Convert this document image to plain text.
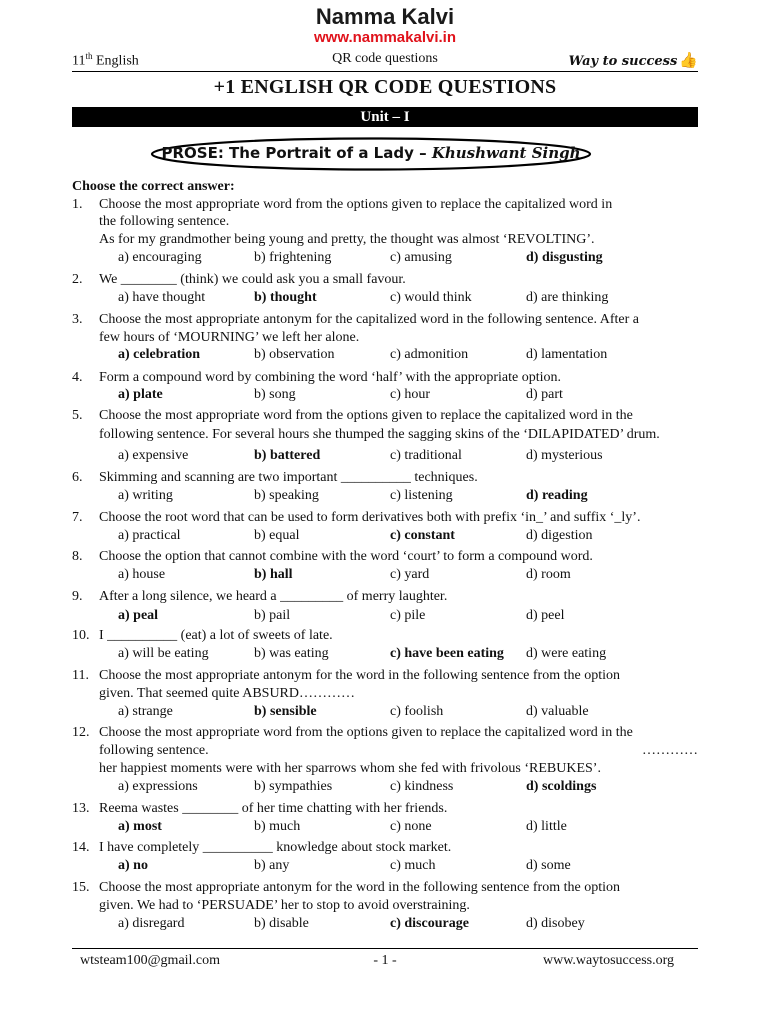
Namma Kalvi
www.nammakalvi.in
11th English	QR code questions	Way to success 👍
+1 ENGLISH QR CODE QUESTIONS
Unit – I
PROSE: The Portrait of a Lady – Khushwant Singh
Choose the correct answer:
1. Choose the most appropriate word from the options given to replace the capitalized word in
the following sentence.
As for my grandmother being young and pretty, the thought was almost ‘REVOLTING’.
a) encouraging	b) frightening	c) amusing	d) disgusting
2. We ________ (think) we could ask you a small favour.
a) have thought	b) thought	c) would think	d) are thinking
3. Choose the most appropriate antonym for the capitalized word in the following sentence. After a
few hours of ‘MOURNING’ we left her alone.
a) celebration	b) observation	c) admonition	d) lamentation
4. Form a compound word by combining the word ‘half’ with the appropriate option.
a) plate	b) song	c) hour	d) part
5. Choose the most appropriate word from the options given to replace the capitalized word in the
following sentence. For several hours she thumped the sagging skins of the ‘DILAPIDATED’ drum.
a) expensive	b) battered	c) traditional	d) mysterious
6. Skimming and scanning are two important __________ techniques.
a) writing	b) speaking	c) listening	d) reading
7. Choose the root word that can be used to form derivatives both with prefix ‘in_’ and suffix ‘_ly’.
a) practical	b) equal	c) constant	d) digestion
8. Choose the option that cannot combine with the word ‘court’ to form a compound word.
a) house	b) hall	c) yard	d) room
9. After a long silence, we heard a _________ of merry laughter.
a) peal	b) pail	c) pile	d) peel
10. I __________ (eat) a lot of sweets of late.
a) will be eating	b) was eating	c) have been eating d) were eating
11. Choose the most appropriate antonym for the word in the following sentence from the option
given. That seemed quite ABSURD…………
a) strange	b) sensible	c) foolish	d) valuable
12. Choose the most appropriate word from the options given to replace the capitalized word in the
following sentence.
her happiest moments were with her sparrows whom she fed with frivolous ‘REBUKES’.
…………
a) expressions	b) sympathies	c) kindness	d) scoldings
13. Reema wastes ________ of her time chatting with her friends.
a) most	b) much	c) none	d) little
14. I have completely __________ knowledge about stock market.
a) no	b) any	c) much	d) some
15. Choose the most appropriate antonym for the word in the following sentence from the option
given. We had to ‘PERSUADE’ her to stop to avoid overstraining.
a) disregard	b) disable	c) discourage	d) disobey
wtsteam100@gmail.com	- 1 -	www.waytosuccess.org
